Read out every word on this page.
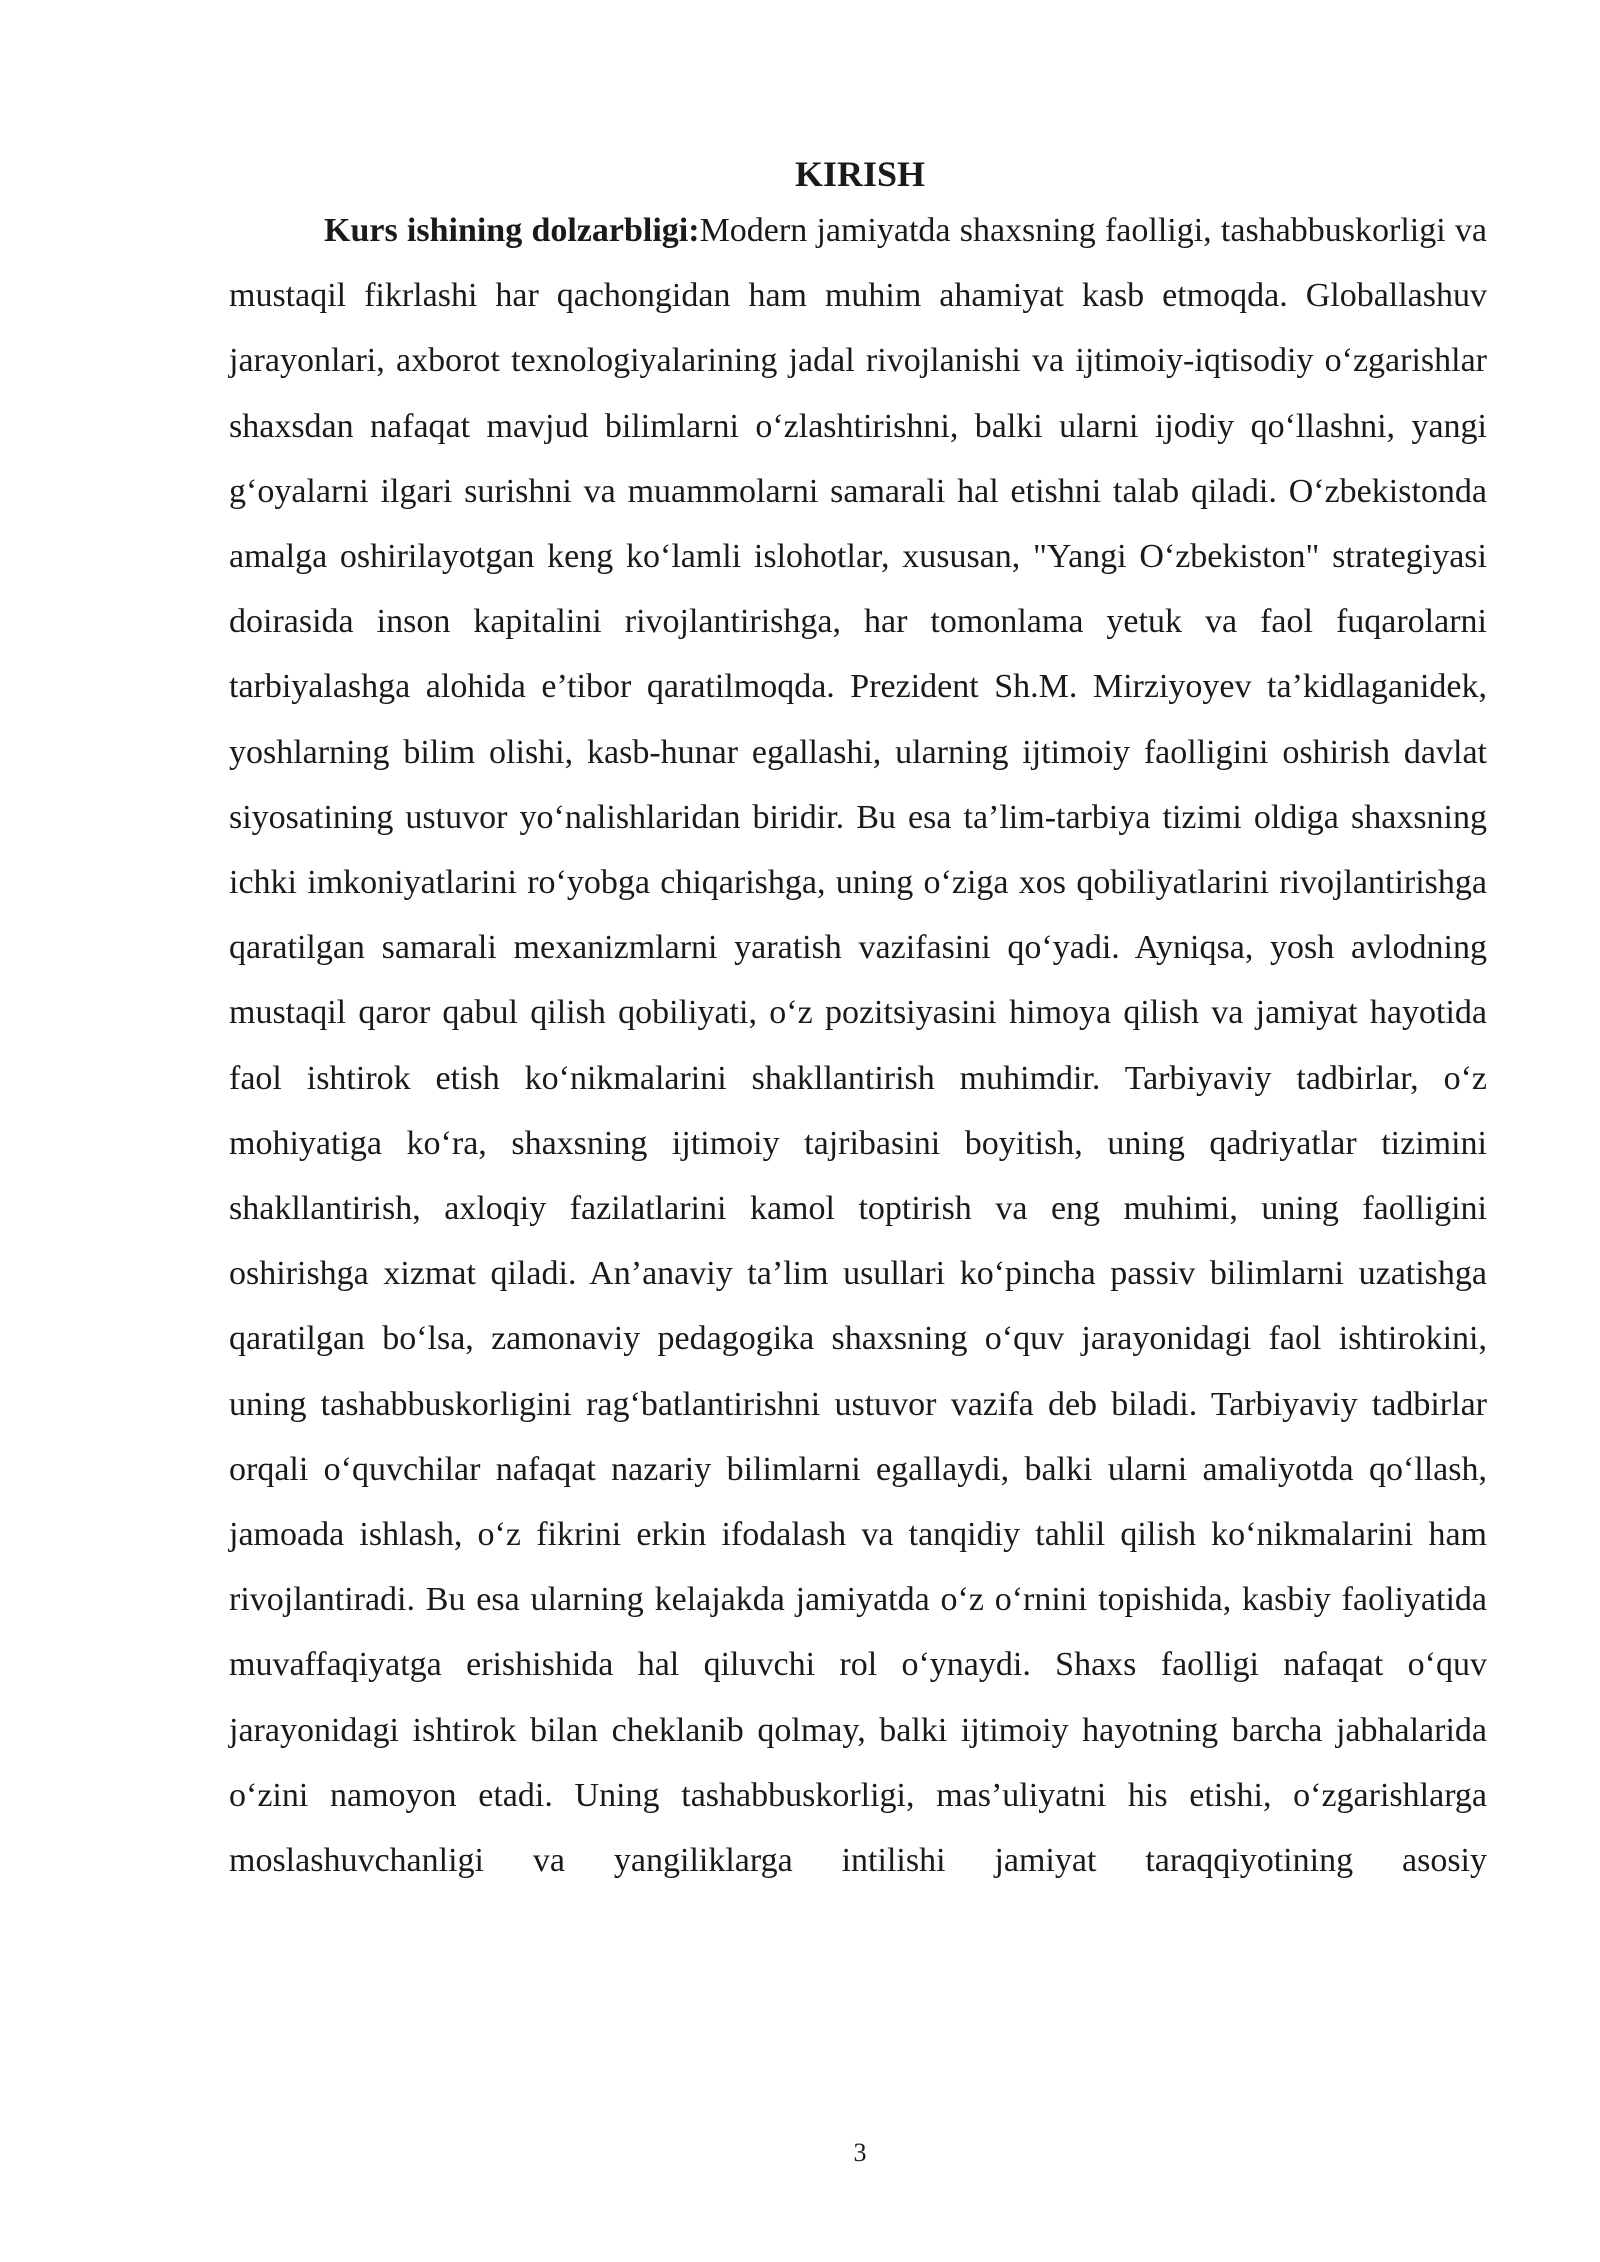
KIRISH

Kurs ishining dolzarbligi:Modern jamiyatda shaxsning faolligi, tashabbuskorligi va mustaqil fikrlashi har qachongidan ham muhim ahamiyat kasb etmoqda. Globallashuv jarayonlari, axborot texnologiyalarining jadal rivojlanishi va ijtimoiy-iqtisodiy o‘zgarishlar shaxsdan nafaqat mavjud bilimlarni o‘zlashtirishni, balki ularni ijodiy qo‘llashni, yangi g‘oyalarni ilgari surishni va muammolarni samarali hal etishni talab qiladi. O‘zbekistonda amalga oshirilayotgan keng ko‘lamli islohotlar, xususan, "Yangi O‘zbekiston" strategiyasi doirasida inson kapitalini rivojlantirishga, har tomonlama yetuk va faol fuqarolarni tarbiyalashga alohida e’tibor qaratilmoqda. Prezident Sh.M. Mirziyoyev ta’kidlaganidek, yoshlarning bilim olishi, kasb-hunar egallashi, ularning ijtimoiy faolligini oshirish davlat siyosatining ustuvor yo‘nalishlaridan biridir. Bu esa ta’lim-tarbiya tizimi oldiga shaxsning ichki imkoniyatlarini ro‘yobga chiqarishga, uning o‘ziga xos qobiliyatlarini rivojlantirishga qaratilgan samarali mexanizmlarni yaratish vazifasini qo‘yadi. Ayniqsa, yosh avlodning mustaqil qaror qabul qilish qobiliyati, o‘z pozitsiyasini himoya qilish va jamiyat hayotida faol ishtirok etish ko‘nikmalarini shakllantirish muhimdir. Tarbiyaviy tadbirlar, o‘z mohiyatiga ko‘ra, shaxsning ijtimoiy tajribasini boyitish, uning qadriyatlar tizimini shakllantirish, axloqiy fazilatlarini kamol toptirish va eng muhimi, uning faolligini oshirishga xizmat qiladi. An’anaviy ta’lim usullari ko‘pincha passiv bilimlarni uzatishga qaratilgan bo‘lsa, zamonaviy pedagogika shaxsning o‘quv jarayonidagi faol ishtirokini, uning tashabbuskorligini rag‘batlantirishni ustuvor vazifa deb biladi. Tarbiyaviy tadbirlar orqali o‘quvchilar nafaqat nazariy bilimlarni egallaydi, balki ularni amaliyotda qo‘llash, jamoada ishlash, o‘z fikrini erkin ifodalash va tanqidiy tahlil qilish ko‘nikmalarini ham rivojlantiradi. Bu esa ularning kelajakda jamiyatda o‘z o‘rnini topishida, kasbiy faoliyatida muvaffaqiyatga erishishida hal qiluvchi rol o‘ynaydi. Shaxs faolligi nafaqat o‘quv jarayonidagi ishtirok bilan cheklanib qolmay, balki ijtimoiy hayotning barcha jabhalarida o‘zini namoyon etadi. Uning tashabbuskorligi, mas’uliyatni his etishi, o‘zgarishlarga moslashuvchanligi va yangiliklarga intilishi jamiyat taraqqiyotining asosiy

3
